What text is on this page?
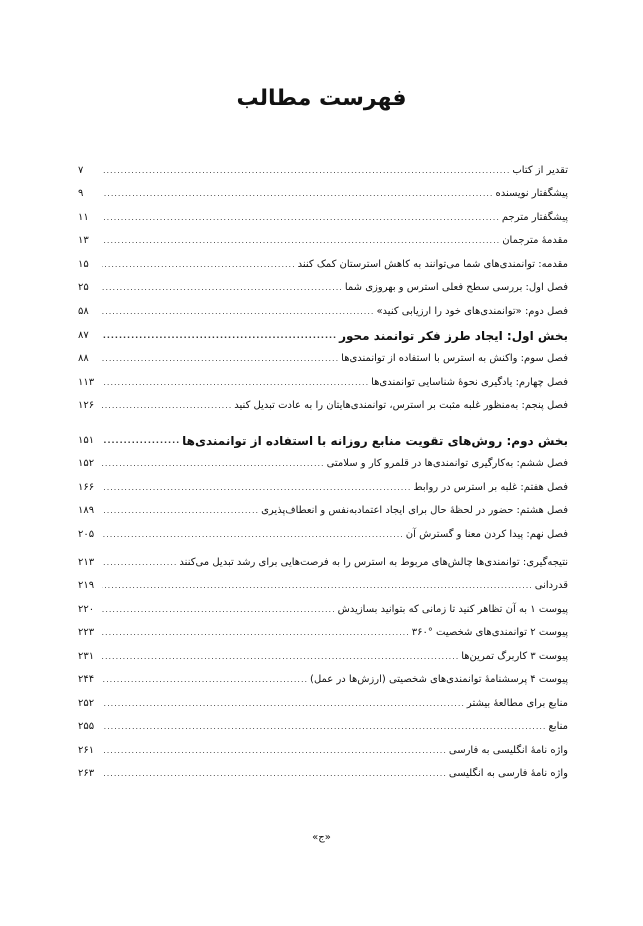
فهرست مطالب
تقدیر از کتاب
.....
۷
پیشگفتار نویسنده
.....
۹
پیشگفتار مترجم
.....
۱۱
مقدمهٔ مترجمان
.....
۱۳
مقدمه: توانمندی‌های شما می‌توانند به کاهش استرستان کمک کنند
.....
۱۵
فصل اول: بررسی سطح فعلی استرس و بهروزی شما
.....
۲۵
فصل دوم: «توانمندی‌های خود را ارزیابی کنید»
.....
۵۸
بخش اول: ایجاد طرز فکر توانمند محور
.....
۸۷
فصل سوم: واکنش به استرس با استفاده از توانمندی‌ها
.....
۸۸
فصل چهارم: یادگیری نحوهٔ شناسایی توانمندی‌ها
.....
۱۱۳
فصل پنجم: به‌منظور غلبه مثبت بر استرس، توانمندی‌هایتان را به عادت تبدیل کنید
.....
۱۲۶
بخش دوم: روش‌های تقویت منابع روزانه با استفاده از توانمندی‌ها
.....
۱۵۱
فصل ششم: به‌کارگیری توانمندی‌ها در قلمرو کار و سلامتی
.....
۱۵۲
فصل هفتم: غلبه بر استرس در روابط
.....
۱۶۶
فصل هشتم: حضور در لحظهٔ حال برای ایجاد اعتمادبه‌نفس و انعطاف‌پذیری
.....
۱۸۹
فصل نهم: پیدا کردن معنا و گسترش آن
.....
۲۰۵
نتیجه‌گیری: توانمندی‌ها چالش‌های مربوط به استرس را به فرصت‌هایی برای رشد تبدیل می‌کنند
.....
۲۱۳
قدردانی
.....
۲۱۹
پیوست ۱ به آن تظاهر کنید تا زمانی که بتوانید بسازیدش
.....
۲۲۰
پیوست ۲ توانمندی‌های شخصیت °۳۶۰
.....
۲۲۳
پیوست ۳ کاربرگ تمرین‌ها
.....
۲۳۱
پیوست ۴ پرسشنامهٔ توانمندی‌های شخصیتی (ارزش‌ها در عمل)
.....
۲۴۴
منابع برای مطالعهٔ بیشتر
.....
۲۵۲
منابع
.....
۲۵۵
واژه نامهٔ انگلیسی به فارسی
.....
۲۶۱
واژه نامهٔ فارسی به انگلیسی
.....
۲۶۳
«ج»
